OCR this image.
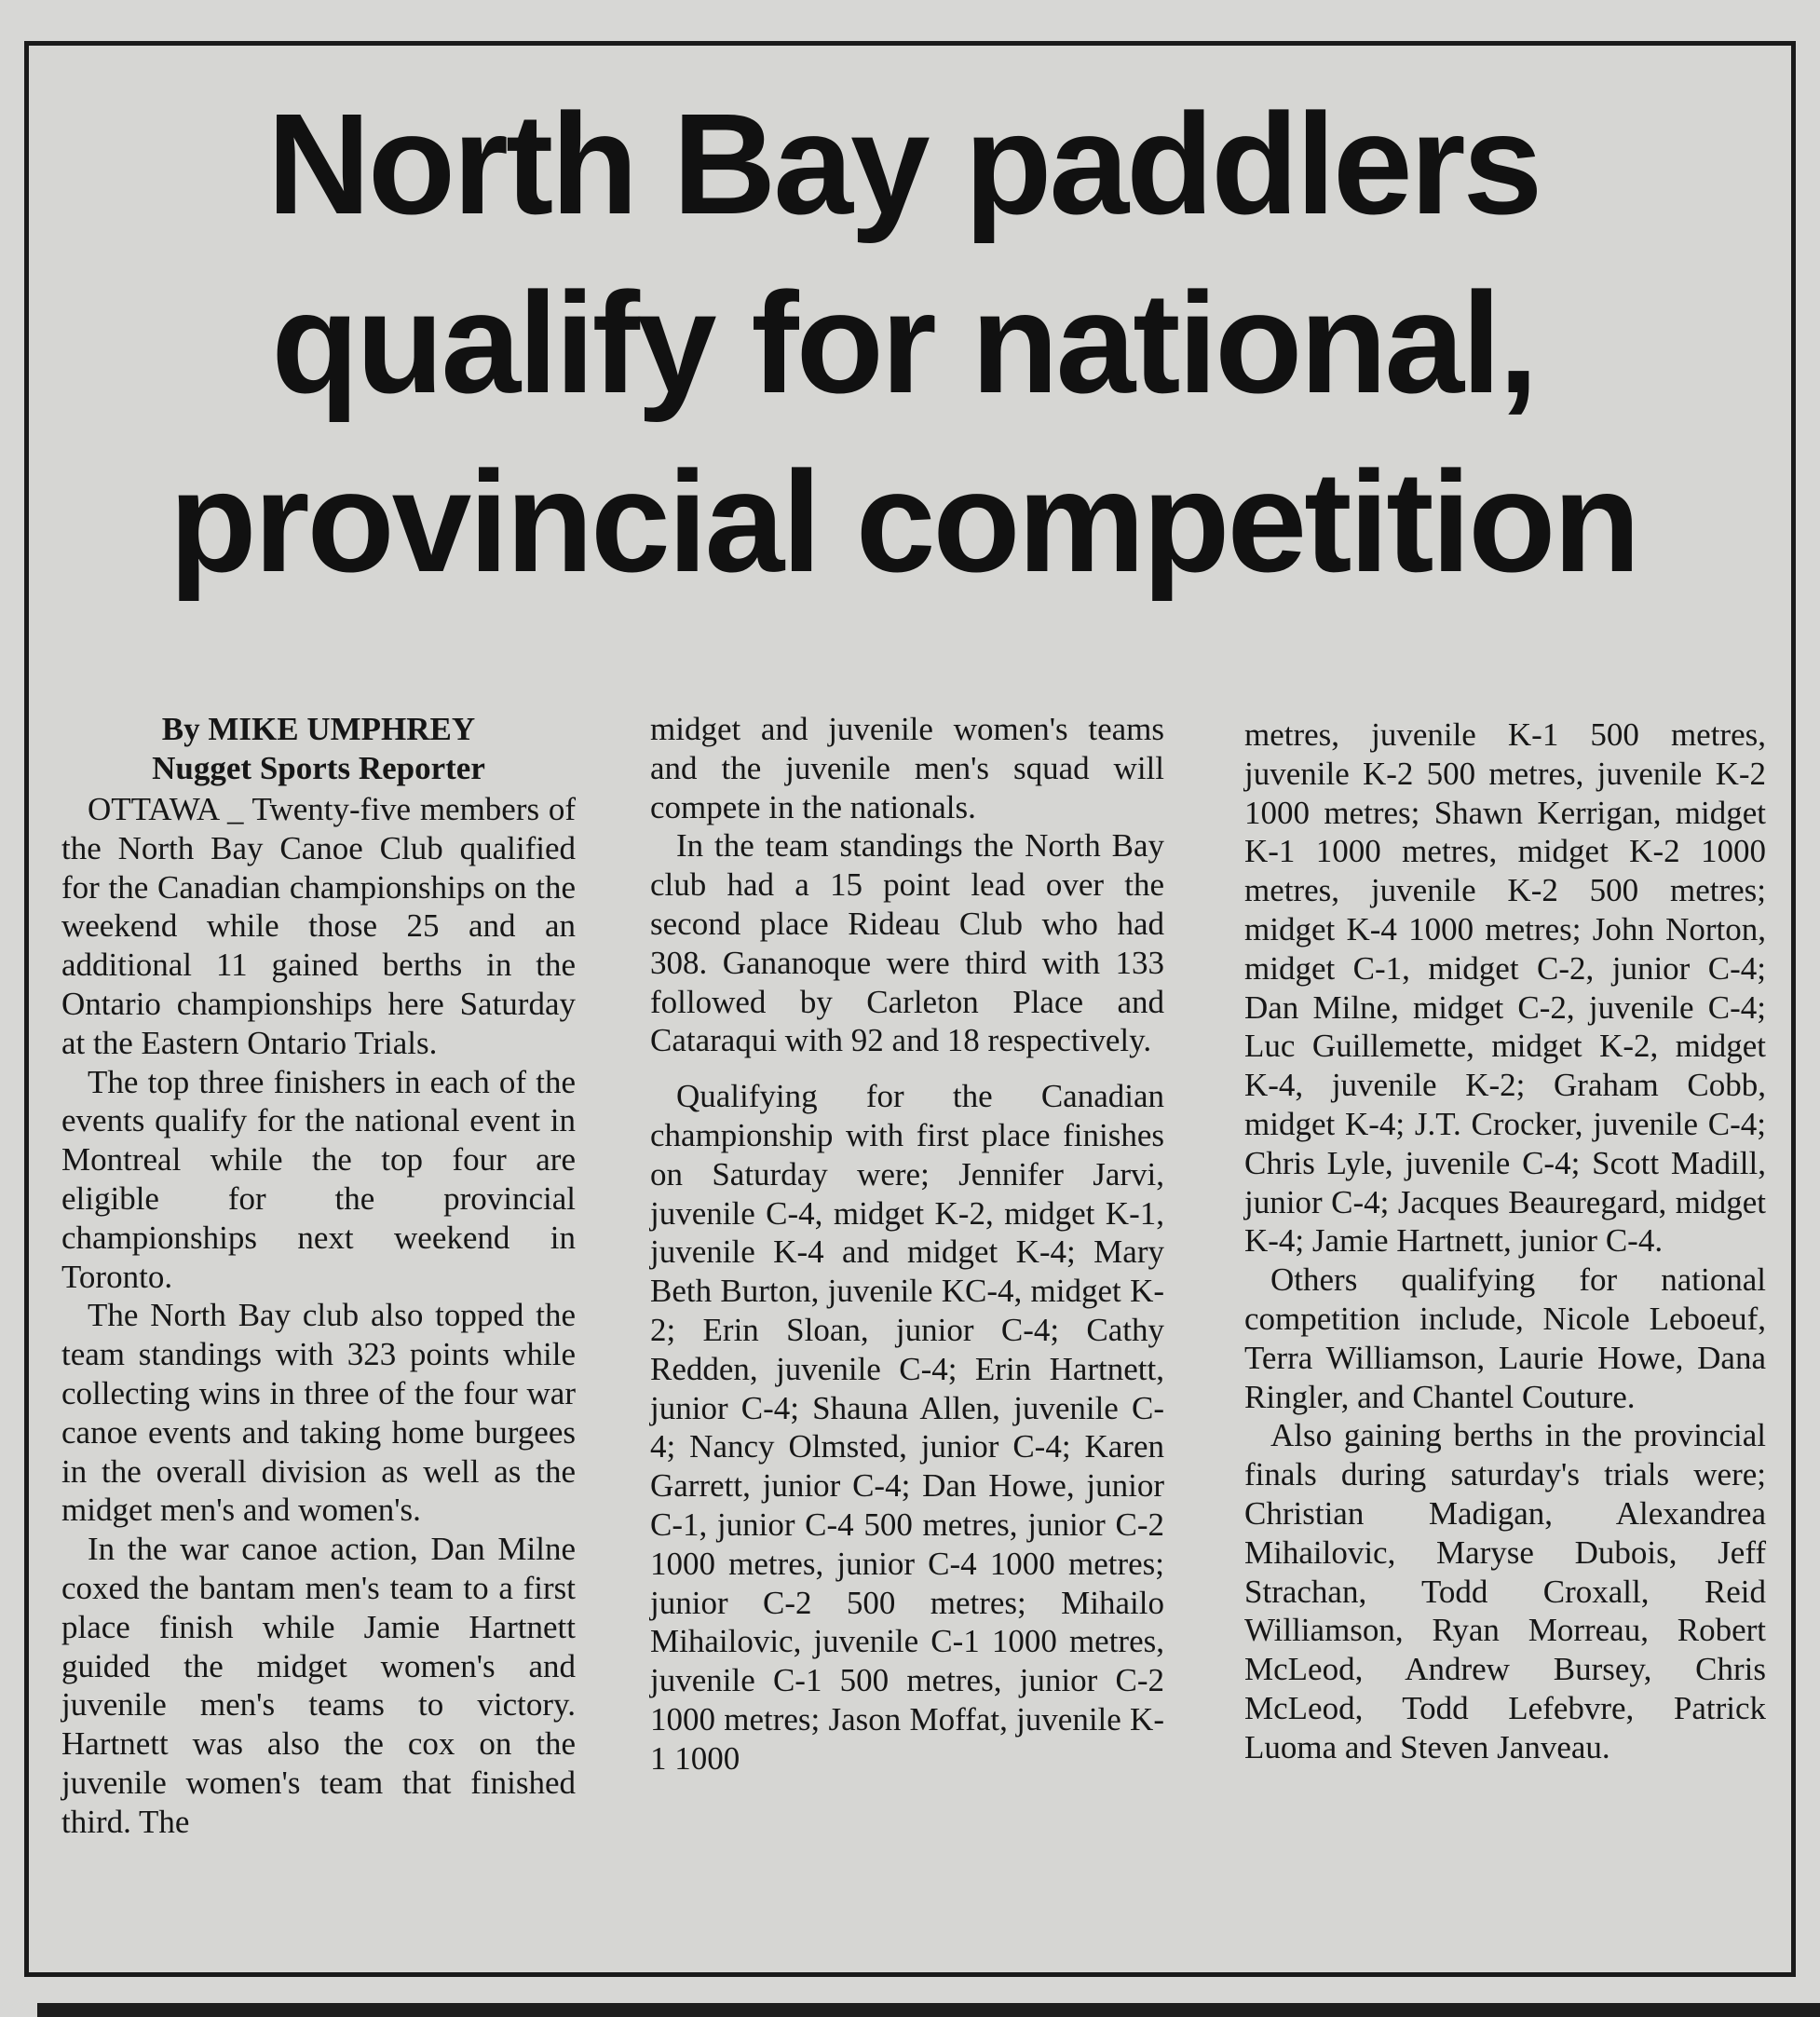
North Bay paddlers
qualify for national,
provincial competition
By MIKE UMPHREY
Nugget Sports Reporter

OTTAWA _ Twenty-five members of the North Bay Canoe Club qualified for the Canadian championships on the weekend while those 25 and an additional 11 gained berths in the Ontario championships here Saturday at the Eastern Ontario Trials.

The top three finishers in each of the events qualify for the national event in Montreal while the top four are eligible for the provincial championships next weekend in Toronto.

The North Bay club also topped the team standings with 323 points while collecting wins in three of the four war canoe events and taking home burgees in the overall division as well as the midget men's and women's.

In the war canoe action, Dan Milne coxed the bantam men's team to a first place finish while Jamie Hartnett guided the midget women's and juvenile men's teams to victory. Hartnett was also the cox on the juvenile women's team that finished third. The

midget and juvenile women's teams and the juvenile men's squad will compete in the nationals.

In the team standings the North Bay club had a 15 point lead over the second place Rideau Club who had 308. Gananoque were third with 133 followed by Carleton Place and Cataraqui with 92 and 18 respectively.

Qualifying for the Canadian championship with first place finishes on Saturday were; Jennifer Jarvi, juvenile C-4, midget K-2, midget K-1, juvenile K-4 and midget K-4; Mary Beth Burton, juvenile KC-4, midget K-2; Erin Sloan, junior C-4; Cathy Redden, juvenile C-4; Erin Hartnett, junior C-4; Shauna Allen, juvenile C-4; Nancy Olmsted, junior C-4; Karen Garrett, junior C-4; Dan Howe, junior C-1, junior C-4 500 metres, junior C-2 1000 metres, junior C-4 1000 metres; junior C-2 500 metres; Mihailo Mihailovic, juvenile C-1 1000 metres, juvenile C-1 500 metres, junior C-2 1000 metres; Jason Moffat, juvenile K-1 1000

metres, juvenile K-1 500 metres, juvenile K-2 500 metres, juvenile K-2 1000 metres; Shawn Kerrigan, midget K-1 1000 metres, midget K-2 1000 metres, juvenile K-2 500 metres; midget K-4 1000 metres; John Norton, midget C-1, midget C-2, junior C-4; Dan Milne, midget C-2, juvenile C-4; Luc Guillemette, midget K-2, midget K-4, juvenile K-2; Graham Cobb, midget K-4; J.T. Crocker, juvenile C-4; Chris Lyle, juvenile C-4; Scott Madill, junior C-4; Jacques Beauregard, midget K-4; Jamie Hartnett, junior C-4.

Others qualifying for national competition include, Nicole Leboeuf, Terra Williamson, Laurie Howe, Dana Ringler, and Chantel Couture.

Also gaining berths in the provincial finals during saturday's trials were; Christian Madigan, Alexandrea Mihailovic, Maryse Dubois, Jeff Strachan, Todd Croxall, Reid Williamson, Ryan Morreau, Robert McLeod, Andrew Bursey, Chris McLeod, Todd Lefebvre, Patrick Luoma and Steven Janveau.
